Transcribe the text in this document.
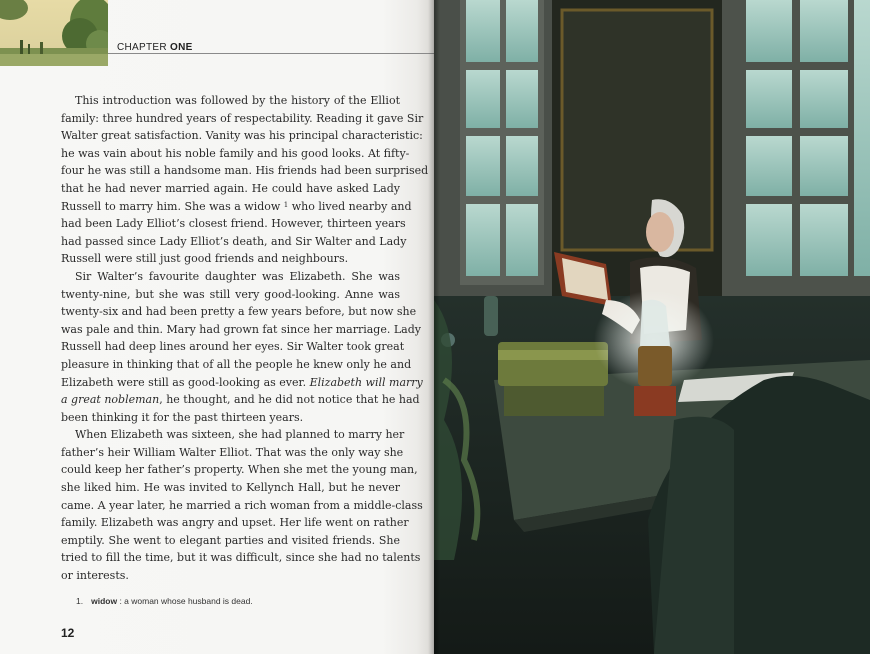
CHAPTER ONE

This introduction was followed by the history of the Elliot
family: three hundred years of respectability. Reading it gave Sir
Walter great satisfaction. Vanity was his principal characteristic:
he was vain about his noble family and his good looks. At fifty-
four he was still a handsome man. His friends had been surprised
that he had never married again. He could have asked Lady
Russell to marry him. She was a widow $^1$ who lived nearby and
had been Lady Elliot’s closest friend. However, thirteen years
had passed since Lady Elliot’s death, and Sir Walter and Lady
Russell were still just good friends and neighbours.

Sir Walter’s favourite daughter was Elizabeth. She was
twenty-nine, but she was still very good-looking. Anne was
twenty-six and had been pretty a few years before, but now she
was pale and thin. Mary had grown fat since her marriage. Lady
Russell had deep lines around her eyes. Sir Walter took great
pleasure in thinking that of all the people he knew only he and
Elizabeth were still as good-looking as ever. Elizabeth will marry
a great nobleman, he thought, and he did not notice that he had
been thinking it for the past thirteen years.

When Elizabeth was sixteen, she had planned to marry her
father’s heir William Walter Elliot. That was the only way she
could keep her father’s property. When she met the young man,
she liked him. He was invited to Kellynch Hall, but he never
came. A year later, he married a rich woman from a middle-class
family. Elizabeth was angry and upset. Her life went on rather
emptily. She went to elegant parties and visited friends. She
tried to fill the time, but it was difficult, since she had no talents
or interests.

1. widow : a woman whose husband is dead.
12
